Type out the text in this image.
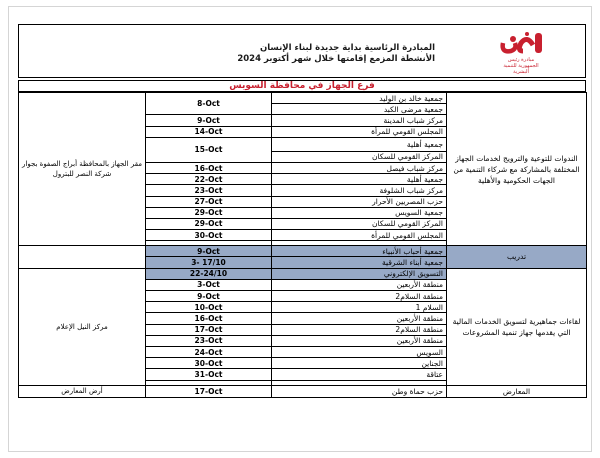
المبادرة الرئاسية بداية جديدة لبناء الإنسان
الأنشطة المزمع إقامتها خلال شهر أكتوبر 2024	مبادرة رئيس الجمهورية للتنمية البشرية
فرع الجهاز في محافظة السويس
مقر الجهاز بالمحافظة أبراج الصفوة بجوار شركة النصر للبترول	8-Oct	جمعية خالد بن الوليد	الندوات للتوعية والترويج لخدمات الجهاز المختلفة بالمشاركة مع شركاء التنمية من الجهات الحكومية والأهلية
		جمعية مرضى الكبد	
	9-Oct	مركز شباب المدينة	
	14-Oct	المجلس القومي للمرأة	
	15-Oct	جمعية أهلية	
		المركز القومي للسكان	
	16-Oct	مركز شباب فيصل	
	22-Oct	جمعية أهلية	
	23-Oct	مركز شباب الشلوفة	
	27-Oct	حزب المصريين الأحرار	
	29-Oct	جمعية السويس	
	29-Oct	المركز القومي للسكان	
	30-Oct	المجلس القومي للمرأة	

	9-Oct	جمعية أحباب الأنبياء	تدريب
	3- 17/10	جمعية أبناء الشرقية	
مركز النيل الإعلام	22-24/10	التسويق الإلكتروني	لقاءات جماهيرية لتسويق الخدمات المالية التي يقدمها جهاز تنمية المشروعات
	3-Oct	منطقة الأربعين	
	9-Oct	منطقة السلام2	
	10-Oct	السلام 1	
	16-Oct	منطقة الأربعين	
	17-Oct	منطقة السلام2	
	23-Oct	منطقة الأربعين	
	24-Oct	السويس	
	30-Oct	الجناين	
	31-Oct	عتاقة	

أرض المعارض	17-Oct	حزب حماة وطن	المعارض
